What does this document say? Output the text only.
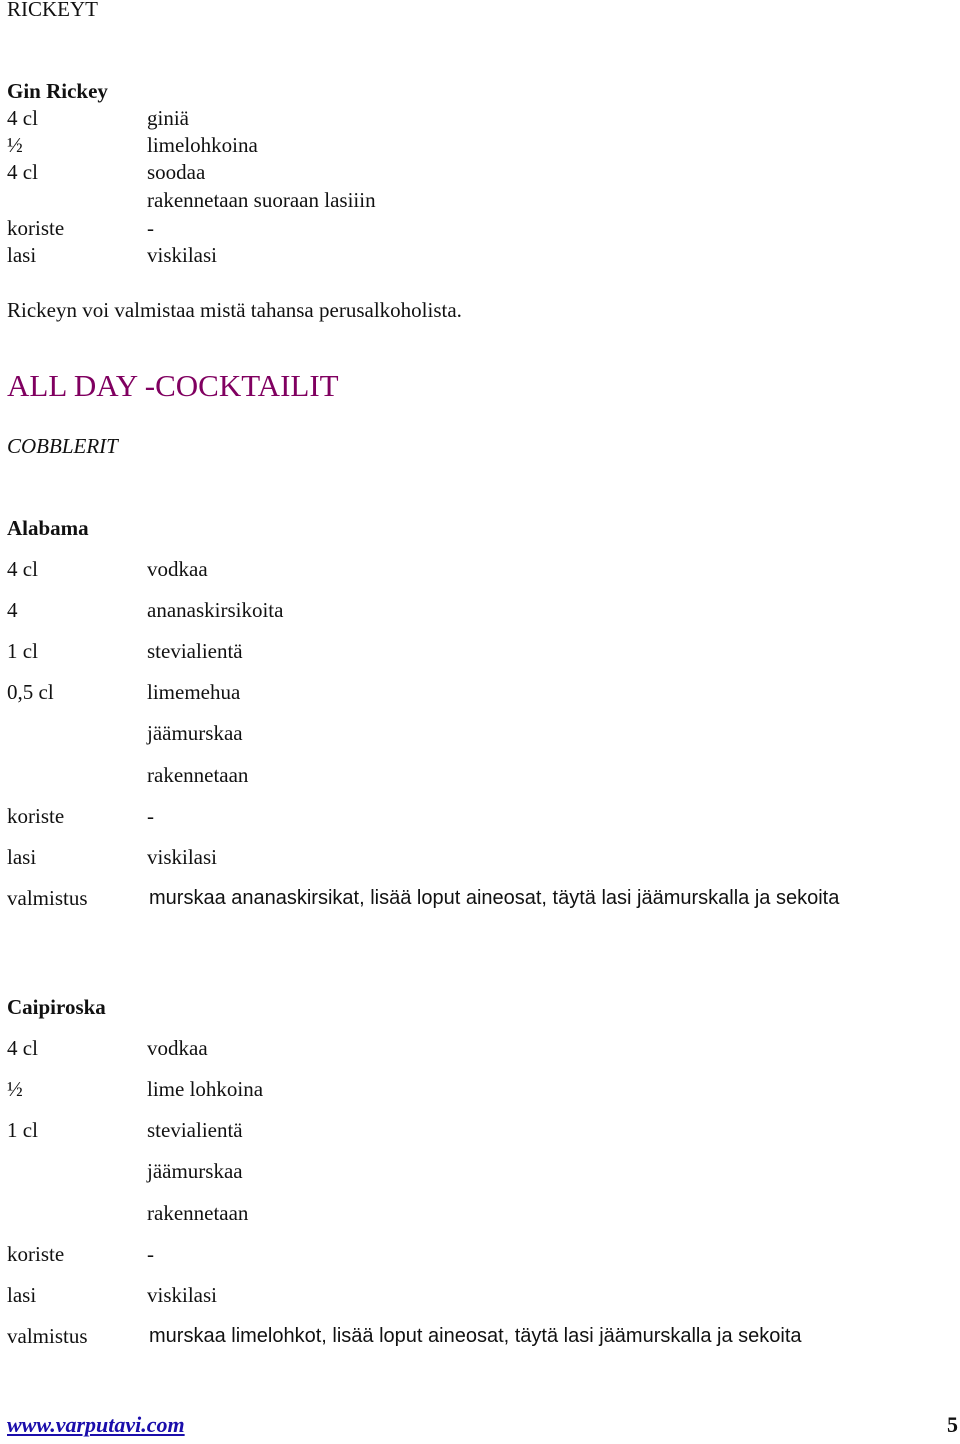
RICKEYT
Gin Rickey
4 cl	giniä
½	limelohkoina
4 cl	soodaa
rakennetaan suoraan lasiiin
koriste	-
lasi	viskilasi
Rickeyn voi valmistaa mistä tahansa perusalkoholista.
ALL DAY -COCKTAILIT
COBBLERIT
Alabama
4 cl	vodkaa
4	ananaskirsikoita
1 cl	stevialientä
0,5 cl	limemehua
jäämurskaa
rakennetaan
koriste	-
lasi	viskilasi
valmistus	murskaa ananaskirsikat, lisää loput aineosat, täytä lasi jäämurskalla ja sekoita
Caipiroska
4 cl	vodkaa
½	lime lohkoina
1 cl	stevialientä
jäämurskaa
rakennetaan
koriste	-
lasi	viskilasi
valmistus	murskaa limelohkot, lisää loput aineosat, täytä lasi jäämurskalla ja sekoita
www.varputavi.com	5
